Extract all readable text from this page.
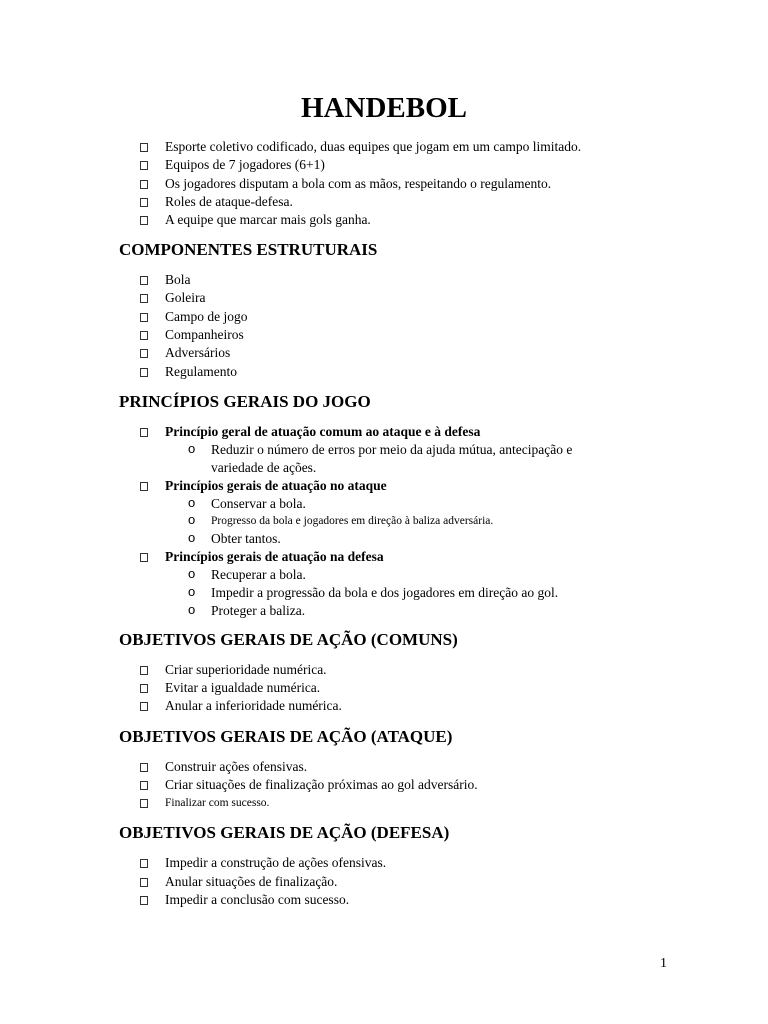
HANDEBOL
Esporte coletivo codificado, duas equipes que jogam em um campo limitado.
Equipos de 7 jogadores (6+1)
Os jogadores disputam a bola com as mãos, respeitando o regulamento.
Roles de ataque-defesa.
A equipe que marcar mais gols ganha.
COMPONENTES ESTRUTURAIS
Bola
Goleira
Campo de jogo
Companheiros
Adversários
Regulamento
PRINCÍPIOS GERAIS DO JOGO
Princípio geral de atuação comum ao ataque e à defesa
o Reduzir o número de erros por meio da ajuda mútua, antecipação e
variedade de ações.
Princípios gerais de atuação no ataque
o Conservar a bola.
o Progresso da bola e jogadores em direção à baliza adversária.
o Obter tantos.
Princípios gerais de atuação na defesa
o Recuperar a bola.
o Impedir a progressão da bola e dos jogadores em direção ao gol.
o Proteger a baliza.
OBJETIVOS GERAIS DE AÇÃO (COMUNS)
Criar superioridade numérica.
Evitar a igualdade numérica.
Anular a inferioridade numérica.
OBJETIVOS GERAIS DE AÇÃO (ATAQUE)
Construir ações ofensivas.
Criar situações de finalização próximas ao gol adversário.
Finalizar com sucesso.
OBJETIVOS GERAIS DE AÇÃO (DEFESA)
Impedir a construção de ações ofensivas.
Anular situações de finalização.
Impedir a conclusão com sucesso.
1
